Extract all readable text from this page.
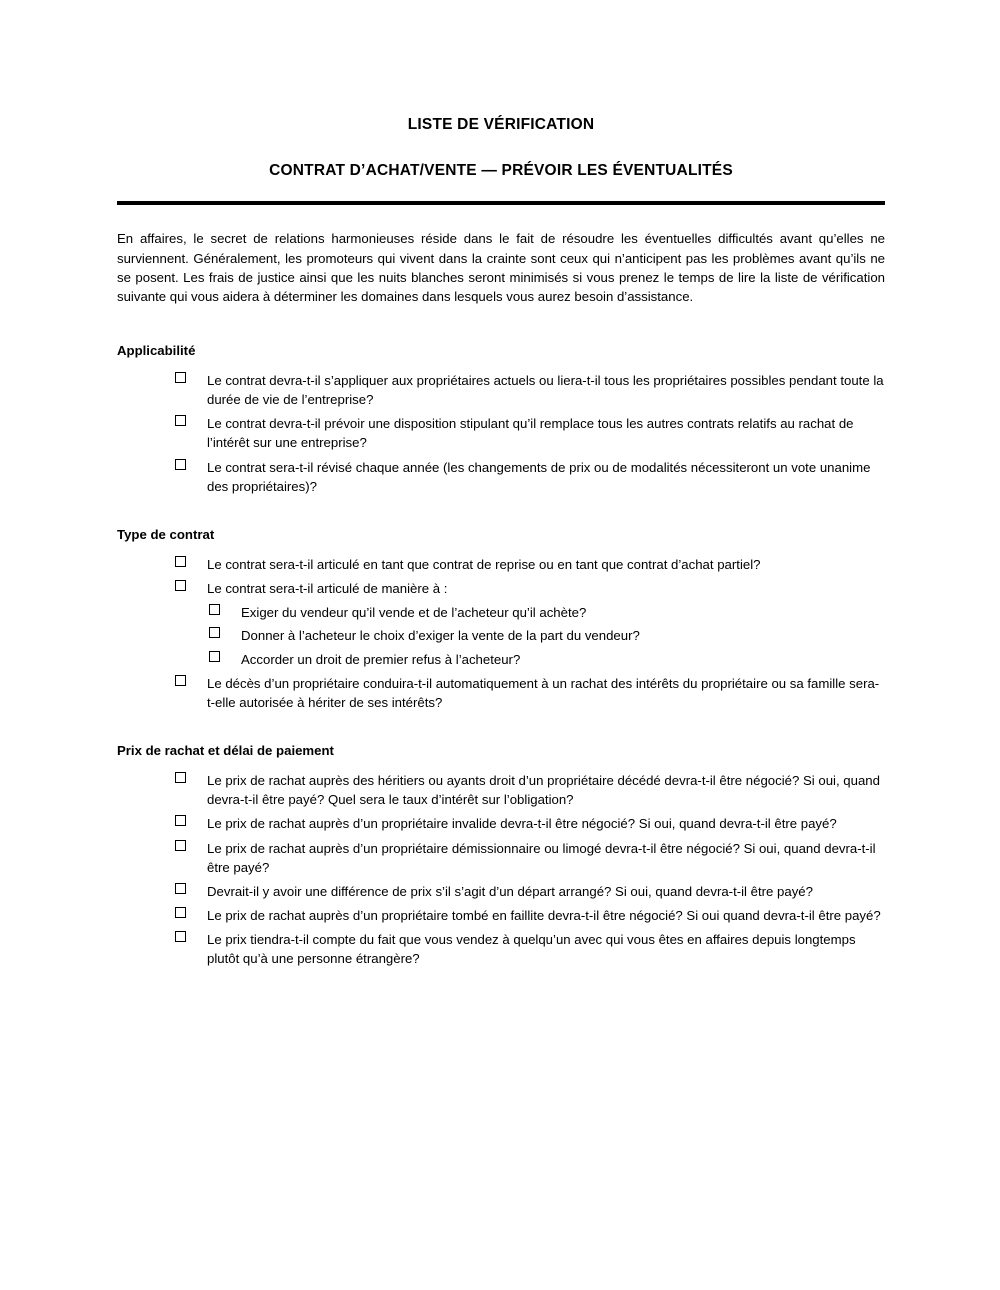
LISTE DE VÉRIFICATION
CONTRAT D’ACHAT/VENTE — PRÉVOIR LES ÉVENTUALITÉS

En affaires, le secret de relations harmonieuses réside dans le fait de résoudre les éventuelles difficultés avant qu’elles ne surviennent. Généralement, les promoteurs qui vivent dans la crainte sont ceux qui n’anticipent pas les problèmes avant qu’ils ne se posent. Les frais de justice ainsi que les nuits blanches seront minimisés si vous prenez le temps de lire la liste de vérification suivante qui vous aidera à déterminer les domaines dans lesquels vous aurez besoin d’assistance.

Applicabilité
Le contrat devra-t-il s’appliquer aux propriétaires actuels ou liera-t-il tous les propriétaires possibles pendant toute la durée de vie de l’entreprise?
Le contrat devra-t-il prévoir une disposition stipulant qu’il remplace tous les autres contrats relatifs au rachat de l’intérêt sur une entreprise?
Le contrat sera-t-il révisé chaque année (les changements de prix ou de modalités nécessiteront un vote unanime des propriétaires)?
Type de contrat
Le contrat sera-t-il articulé en tant que contrat de reprise ou en tant que contrat d’achat partiel?
Le contrat sera-t-il articulé de manière à :
Exiger du vendeur qu’il vende et de l’acheteur qu’il achète?
Donner à l’acheteur le choix d’exiger la vente de la part du vendeur?
Accorder un droit de premier refus à l’acheteur?
Le décès d’un propriétaire conduira-t-il automatiquement à un rachat des intérêts du propriétaire ou sa famille sera-t-elle autorisée à hériter de ses intérêts?
Prix de rachat et délai de paiement
Le prix de rachat auprès des héritiers ou ayants droit d’un propriétaire décédé devra-t-il être négocié? Si oui, quand devra-t-il être payé? Quel sera le taux d’intérêt sur l’obligation?
Le prix de rachat auprès d’un propriétaire invalide devra-t-il être négocié? Si oui, quand devra-t-il être payé?
Le prix de rachat auprès d’un propriétaire démissionnaire ou limogé devra-t-il être négocié? Si oui, quand devra-t-il être payé?
Devrait-il y avoir une différence de prix s’il s’agit d’un départ arrangé? Si oui, quand devra-t-il être payé?
Le prix de rachat auprès d’un propriétaire tombé en faillite devra-t-il être négocié? Si oui quand devra-t-il être payé?
Le prix tiendra-t-il compte du fait que vous vendez à quelqu’un avec qui vous êtes en affaires depuis longtemps plutôt qu’à une personne étrangère?
